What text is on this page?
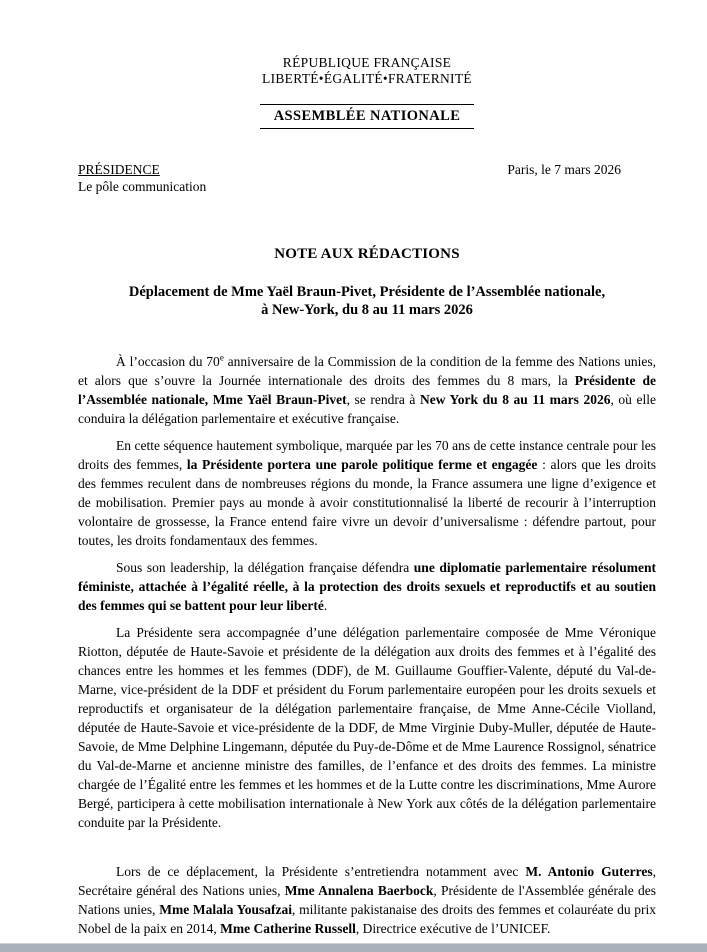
RÉPUBLIQUE FRANÇAISE
LIBERTÉ•ÉGALITÉ•FRATERNITÉ
ASSEMBLÉE NATIONALE
PRÉSIDENCE
Le pôle communication
Paris, le 7 mars 2026
NOTE AUX RÉDACTIONS
Déplacement de Mme Yaël Braun-Pivet, Présidente de l’Assemblée nationale,
à New-York, du 8 au 11 mars 2026

À l’occasion du 70e anniversaire de la Commission de la condition de la femme des Nations unies, et alors que s’ouvre la Journée internationale des droits des femmes du 8 mars, la Présidente de l’Assemblée nationale, Mme Yaël Braun-Pivet, se rendra à New York du 8 au 11 mars 2026, où elle conduira la délégation parlementaire et exécutive française.

En cette séquence hautement symbolique, marquée par les 70 ans de cette instance centrale pour les droits des femmes, la Présidente portera une parole politique ferme et engagée : alors que les droits des femmes reculent dans de nombreuses régions du monde, la France assumera une ligne d’exigence et de mobilisation. Premier pays au monde à avoir constitutionnalisé la liberté de recourir à l’interruption volontaire de grossesse, la France entend faire vivre un devoir d’universalisme : défendre partout, pour toutes, les droits fondamentaux des femmes.

Sous son leadership, la délégation française défendra une diplomatie parlementaire résolument féministe, attachée à l’égalité réelle, à la protection des droits sexuels et reproductifs et au soutien des femmes qui se battent pour leur liberté.

La Présidente sera accompagnée d’une délégation parlementaire composée de Mme Véronique Riotton, députée de Haute-Savoie et présidente de la délégation aux droits des femmes et à l’égalité des chances entre les hommes et les femmes (DDF), de M. Guillaume Gouffier-Valente, député du Val-de-Marne, vice-président de la DDF et président du Forum parlementaire européen pour les droits sexuels et reproductifs et organisateur de la délégation parlementaire française, de Mme Anne-Cécile Violland, députée de Haute-Savoie et vice-présidente de la DDF, de Mme Virginie Duby-Muller, députée de Haute-Savoie, de Mme Delphine Lingemann, députée du Puy-de-Dôme et de Mme Laurence Rossignol, sénatrice du Val-de-Marne et ancienne ministre des familles, de l’enfance et des droits des femmes. La ministre chargée de l’Égalité entre les femmes et les hommes et de la Lutte contre les discriminations, Mme Aurore Bergé, participera à cette mobilisation internationale à New York aux côtés de la délégation parlementaire conduite par la Présidente.

Lors de ce déplacement, la Présidente s’entretiendra notamment avec M. Antonio Guterres, Secrétaire général des Nations unies, Mme Annalena Baerbock, Présidente de l'Assemblée générale des Nations unies, Mme Malala Yousafzai, militante pakistanaise des droits des femmes et colauréate du prix Nobel de la paix en 2014, Mme Catherine Russell, Directrice exécutive de l’UNICEF.
